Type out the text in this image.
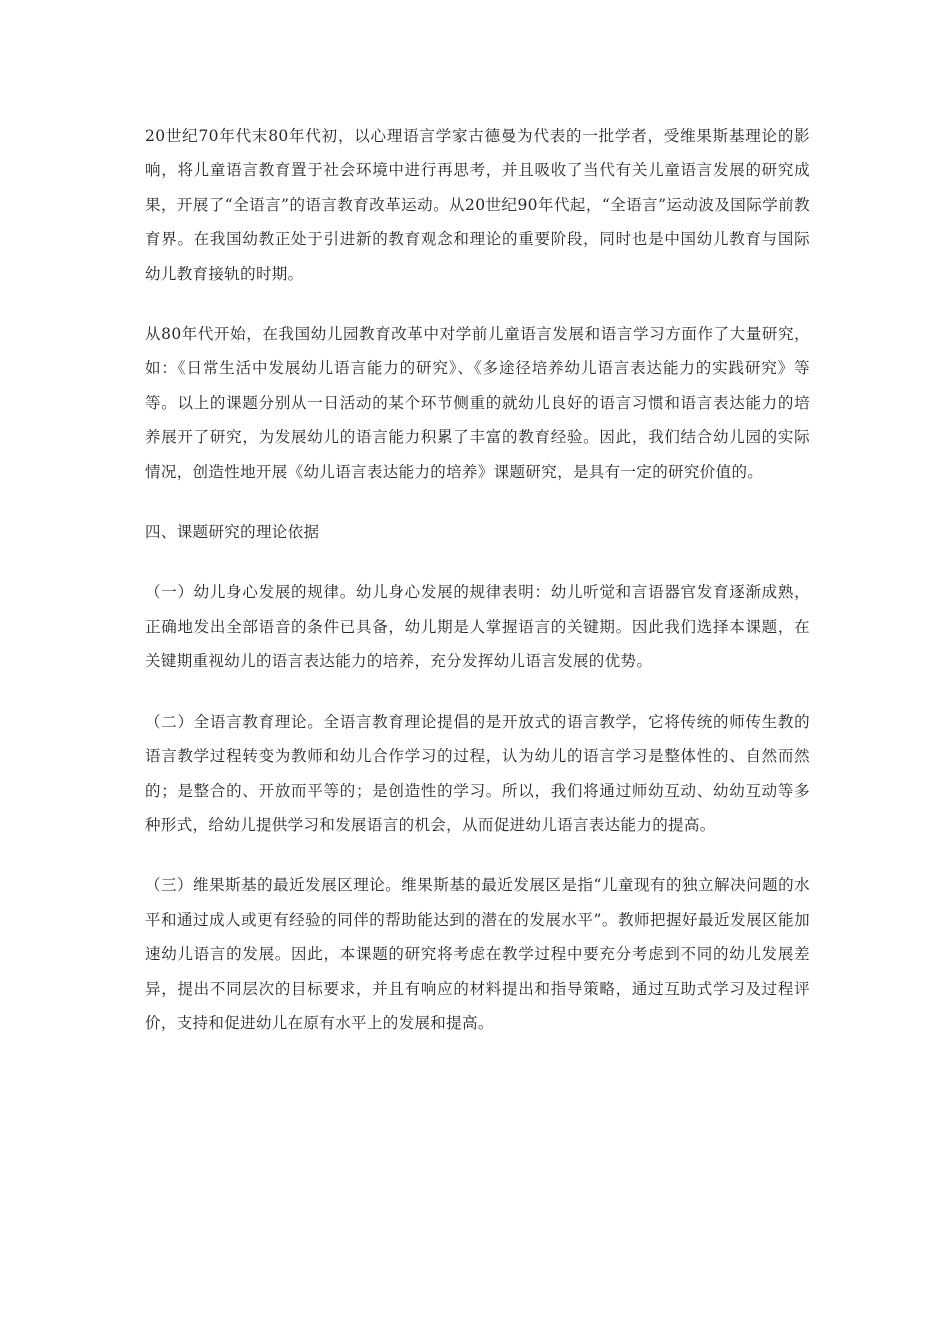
20世纪70年代末80年代初，以心理语言学家古德曼为代表的一批学者，受维果斯基理论的影响，将儿童语言教育置于社会环境中进行再思考，并且吸收了当代有关儿童语言发展的研究成果，开展了“全语言”的语言教育改革运动。从20世纪90年代起，“全语言”运动波及国际学前教育界。在我国幼教正处于引进新的教育观念和理论的重要阶段，同时也是中国幼儿教育与国际幼儿教育接轨的时期。

从80年代开始，在我国幼儿园教育改革中对学前儿童语言发展和语言学习方面作了大量研究，如：《日常生活中发展幼儿语言能力的研究》、《多途径培养幼儿语言表达能力的实践研究》等等。以上的课题分别从一日活动的某个环节侧重的就幼儿良好的语言习惯和语言表达能力的培养展开了研究，为发展幼儿的语言能力积累了丰富的教育经验。因此，我们结合幼儿园的实际情况，创造性地开展《幼儿语言表达能力的培养》课题研究，是具有一定的研究价值的。

四、课题研究的理论依据

（一）幼儿身心发展的规律。幼儿身心发展的规律表明：幼儿听觉和言语器官发育逐渐成熟，正确地发出全部语音的条件已具备，幼儿期是人掌握语言的关键期。因此我们选择本课题，在关键期重视幼儿的语言表达能力的培养，充分发挥幼儿语言发展的优势。

（二）全语言教育理论。全语言教育理论提倡的是开放式的语言教学，它将传统的师传生教的语言教学过程转变为教师和幼儿合作学习的过程，认为幼儿的语言学习是整体性的、自然而然的；是整合的、开放而平等的；是创造性的学习。所以，我们将通过师幼互动、幼幼互动等多种形式，给幼儿提供学习和发展语言的机会，从而促进幼儿语言表达能力的提高。

（三）维果斯基的最近发展区理论。维果斯基的最近发展区是指“儿童现有的独立解决问题的水平和通过成人或更有经验的同伴的帮助能达到的潜在的发展水平”。教师把握好最近发展区能加速幼儿语言的发展。因此，本课题的研究将考虑在教学过程中要充分考虑到不同的幼儿发展差异，提出不同层次的目标要求，并且有响应的材料提出和指导策略，通过互助式学习及过程评价，支持和促进幼儿在原有水平上的发展和提高。
